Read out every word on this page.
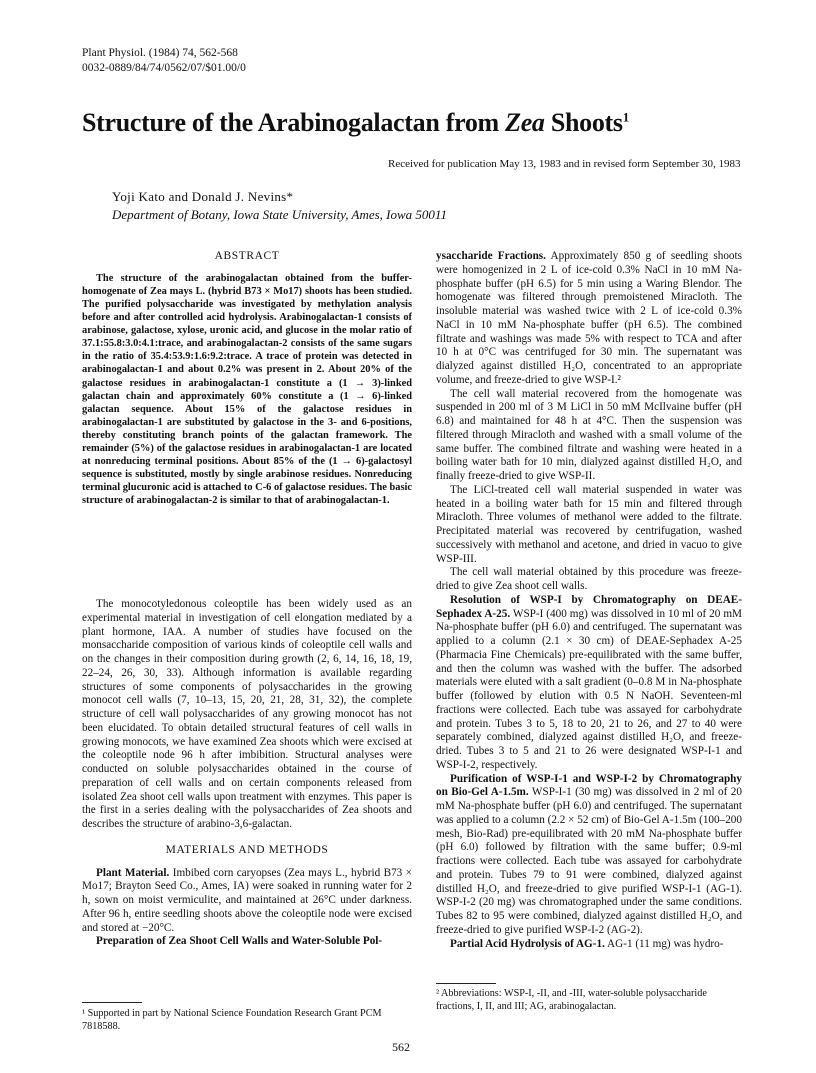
Plant Physiol. (1984) 74, 562-568
0032-0889/84/74/0562/07/$01.00/0
Structure of the Arabinogalactan from Zea Shoots$^1$
Received for publication May 13, 1983 and in revised form September 30, 1983
Yoji Kato and Donald J. Nevins*
Department of Botany, Iowa State University, Ames, Iowa 50011
ABSTRACT

The structure of the arabinogalactan obtained from the buffer-homogenate of Zea mays L. (hybrid B73 × Mo17) shoots has been studied. The purified polysaccharide was investigated by methylation analysis before and after controlled acid hydrolysis. Arabinogalactan-1 consists of arabinose, galactose, xylose, uronic acid, and glucose in the molar ratio of 37.1:55.8:3.0:4.1:trace, and arabinogalactan-2 consists of the same sugars in the ratio of 35.4:53.9:1.6:9.2:trace. A trace of protein was detected in arabinogalactan-1 and about 0.2% was present in 2. About 20% of the galactose residues in arabinogalactan-1 constitute a (1 → 3)-linked galactan chain and approximately 60% constitute a (1 → 6)-linked galactan sequence. About 15% of the galactose residues in arabinogalactan-1 are substituted by galactose in the 3- and 6-positions, thereby constituting branch points of the galactan framework. The remainder (5%) of the galactose residues in arabinogalactan-1 are located at nonreducing terminal positions. About 85% of the (1 → 6)-galactosyl sequence is substituted, mostly by single arabinose residues. Nonreducing terminal glucuronic acid is attached to C-6 of galactose residues. The basic structure of arabinogalactan-2 is similar to that of arabinogalactan-1.

The monocotyledonous coleoptile has been widely used as an experimental material in investigation of cell elongation mediated by a plant hormone, IAA. A number of studies have focused on the monsaccharide composition of various kinds of coleoptile cell walls and on the changes in their composition during growth (2, 6, 14, 16, 18, 19, 22–24, 26, 30, 33). Although information is available regarding structures of some components of polysaccharides in the growing monocot cell walls (7, 10–13, 15, 20, 21, 28, 31, 32), the complete structure of cell wall polysaccharides of any growing monocot has not been elucidated. To obtain detailed structural features of cell walls in growing monocots, we have examined Zea shoots which were excised at the coleoptile node 96 h after imbibition. Structural analyses were conducted on soluble polysaccharides obtained in the course of preparation of cell walls and on certain components released from isolated Zea shoot cell walls upon treatment with enzymes. This paper is the first in a series dealing with the polysaccharides of Zea shoots and describes the structure of arabino-3,6-galactan.

MATERIALS AND METHODS

Plant Material. Imbibed corn caryopses (Zea mays L., hybrid B73 × Mo17; Brayton Seed Co., Ames, IA) were soaked in running water for 2 h, sown on moist vermiculite, and maintained at 26°C under darkness. After 96 h, entire seedling shoots above the coleoptile node were excised and stored at −20°C.

Preparation of Zea Shoot Cell Walls and Water-Soluble Pol-

¹ Supported in part by National Science Foundation Research Grant PCM 7818588.

ysaccharide Fractions. Approximately 850 g of seedling shoots were homogenized in 2 L of ice-cold 0.3% NaCl in 10 mM Na-phosphate buffer (pH 6.5) for 5 min using a Waring Blendor. The homogenate was filtered through premoistened Miracloth. The insoluble material was washed twice with 2 L of ice-cold 0.3% NaCl in 10 mM Na-phosphate buffer (pH 6.5). The combined filtrate and washings was made 5% with respect to TCA and after 10 h at 0°C was centrifuged for 30 min. The supernatant was dialyzed against distilled H₂O, concentrated to an appropriate volume, and freeze-dried to give WSP-I.²

The cell wall material recovered from the homogenate was suspended in 200 ml of 3 M LiCl in 50 mM McIlvaine buffer (pH 6.8) and maintained for 48 h at 4°C. Then the suspension was filtered through Miracloth and washed with a small volume of the same buffer. The combined filtrate and washing were heated in a boiling water bath for 10 min, dialyzed against distilled H₂O, and finally freeze-dried to give WSP-II.

The LiCl-treated cell wall material suspended in water was heated in a boiling water bath for 15 min and filtered through Miracloth. Three volumes of methanol were added to the filtrate. Precipitated material was recovered by centrifugation, washed successively with methanol and acetone, and dried in vacuo to give WSP-III.

The cell wall material obtained by this procedure was freeze-dried to give Zea shoot cell walls.

Resolution of WSP-I by Chromatography on DEAE-Sephadex A-25. WSP-I (400 mg) was dissolved in 10 ml of 20 mM Na-phosphate buffer (pH 6.0) and centrifuged. The supernatant was applied to a column (2.1 × 30 cm) of DEAE-Sephadex A-25 (Pharmacia Fine Chemicals) pre-equilibrated with the same buffer, and then the column was washed with the buffer. The adsorbed materials were eluted with a salt gradient (0–0.8 M in Na-phosphate buffer (followed by elution with 0.5 N NaOH. Seventeen-ml fractions were collected. Each tube was assayed for carbohydrate and protein. Tubes 3 to 5, 18 to 20, 21 to 26, and 27 to 40 were separately combined, dialyzed against distilled H₂O, and freeze-dried. Tubes 3 to 5 and 21 to 26 were designated WSP-I-1 and WSP-I-2, respectively.

Purification of WSP-I-1 and WSP-I-2 by Chromatography on Bio-Gel A-1.5m. WSP-I-1 (30 mg) was dissolved in 2 ml of 20 mM Na-phosphate buffer (pH 6.0) and centrifuged. The supernatant was applied to a column (2.2 × 52 cm) of Bio-Gel A-1.5m (100–200 mesh, Bio-Rad) pre-equilibrated with 20 mM Na-phosphate buffer (pH 6.0) followed by filtration with the same buffer; 0.9-ml fractions were collected. Each tube was assayed for carbohydrate and protein. Tubes 79 to 91 were combined, dialyzed against distilled H₂O, and freeze-dried to give purified WSP-I-1 (AG-1). WSP-I-2 (20 mg) was chromatographed under the same conditions. Tubes 82 to 95 were combined, dialyzed against distilled H₂O, and freeze-dried to give purified WSP-I-2 (AG-2).

Partial Acid Hydrolysis of AG-1. AG-1 (11 mg) was hydro-

² Abbreviations: WSP-I, -II, and -III, water-soluble polysaccharide fractions, I, II, and III; AG, arabinogalactan.
562
